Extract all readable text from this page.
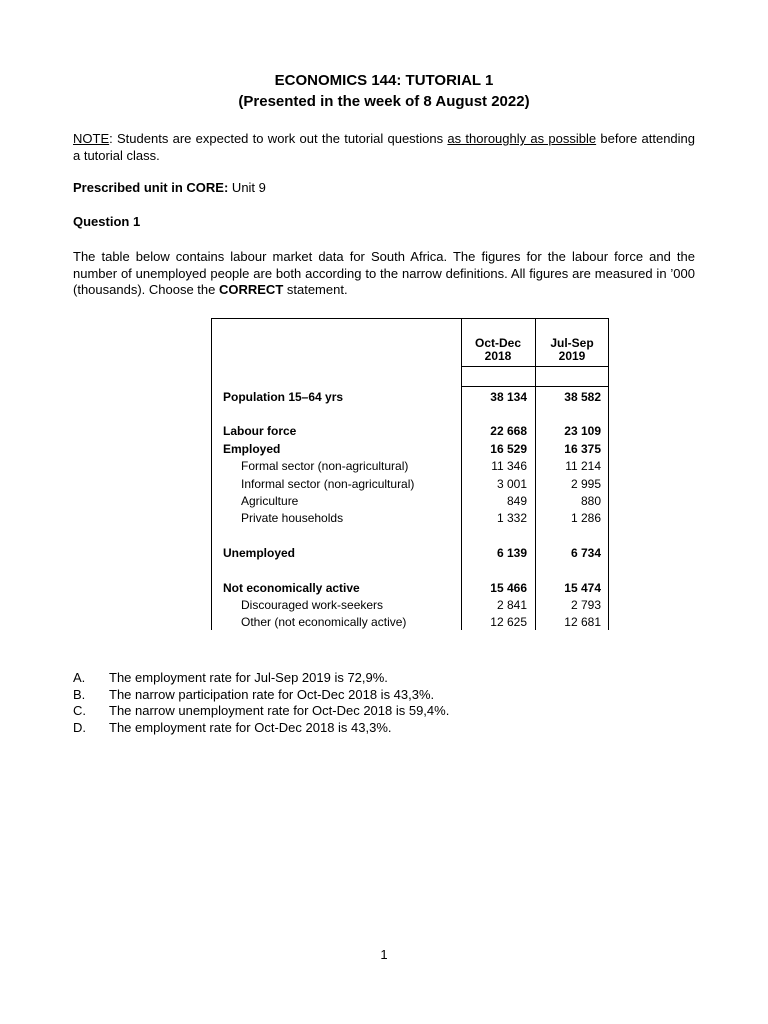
ECONOMICS 144: TUTORIAL 1
(Presented in the week of 8 August 2022)
NOTE: Students are expected to work out the tutorial questions as thoroughly as possible before attending a tutorial class.
Prescribed unit in CORE: Unit 9
Question 1
The table below contains labour market data for South Africa. The figures for the labour force and the number of unemployed people are both according to the narrow definitions. All figures are measured in ’000 (thousands). Choose the CORRECT statement.
Oct-Dec
2018
Jul-Sep
2019
Population 15–64 yrs	38 134	38 582
Labour force	22 668	23 109
Employed	16 529	16 375
Formal sector (non-agricultural)	11 346	11 214
Informal sector (non-agricultural)	3 001	2 995
Agriculture	849	880
Private households	1 332	1 286
Unemployed	6 139	6 734
Not economically active	15 466	15 474
Discouraged work-seekers	2 841	2 793
Other (not economically active)	12 625	12 681
A. The employment rate for Jul-Sep 2019 is 72,9%.
B. The narrow participation rate for Oct-Dec 2018 is 43,3%.
C. The narrow unemployment rate for Oct-Dec 2018 is 59,4%.
D. The employment rate for Oct-Dec 2018 is 43,3%.
1
